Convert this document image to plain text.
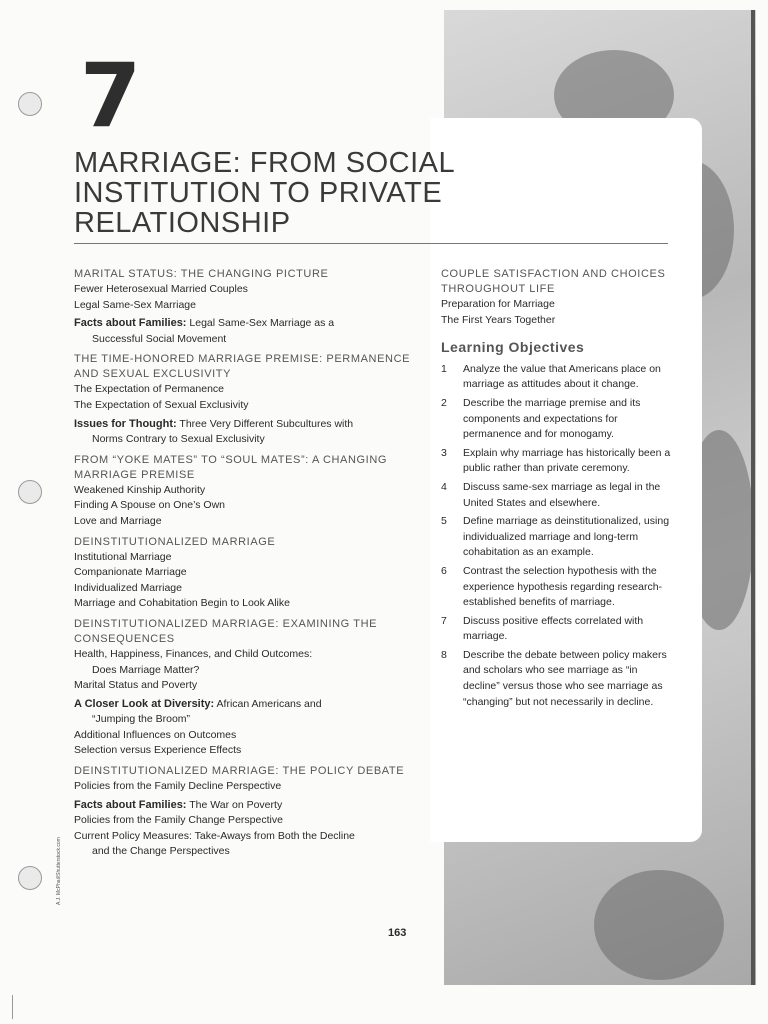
7
MARRIAGE: FROM SOCIAL INSTITUTION TO PRIVATE RELATIONSHIP
MARITAL STATUS: THE CHANGING PICTURE
Fewer Heterosexual Married Couples
Legal Same-Sex Marriage
Facts about Families: Legal Same-Sex Marriage as a
Successful Social Movement
THE TIME-HONORED MARRIAGE PREMISE: PERMANENCE AND SEXUAL EXCLUSIVITY
The Expectation of Permanence
The Expectation of Sexual Exclusivity
Issues for Thought: Three Very Different Subcultures with
Norms Contrary to Sexual Exclusivity
FROM “YOKE MATES” TO “SOUL MATES”: A CHANGING MARRIAGE PREMISE
Weakened Kinship Authority
Finding A Spouse on One’s Own
Love and Marriage
DEINSTITUTIONALIZED MARRIAGE
Institutional Marriage
Companionate Marriage
Individualized Marriage
Marriage and Cohabitation Begin to Look Alike
DEINSTITUTIONALIZED MARRIAGE: EXAMINING THE CONSEQUENCES
Health, Happiness, Finances, and Child Outcomes:
Does Marriage Matter?
Marital Status and Poverty
A Closer Look at Diversity: African Americans and
“Jumping the Broom”
Additional Influences on Outcomes
Selection versus Experience Effects
DEINSTITUTIONALIZED MARRIAGE: THE POLICY DEBATE
Policies from the Family Decline Perspective
Facts about Families: The War on Poverty
Policies from the Family Change Perspective
Current Policy Measures: Take-Aways from Both the Decline
and the Change Perspectives
COUPLE SATISFACTION AND CHOICES THROUGHOUT LIFE
Preparation for Marriage
The First Years Together
Learning Objectives
1	Analyze the value that Americans place on marriage as attitudes about it change.
2	Describe the marriage premise and its components and expectations for permanence and for monogamy.
3	Explain why marriage has historically been a public rather than private ceremony.
4	Discuss same-sex marriage as legal in the United States and elsewhere.
5	Define marriage as deinstitutionalized, using individualized marriage and long-term cohabitation as an example.
6	Contrast the selection hypothesis with the experience hypothesis regarding research-established benefits of marriage.
7	Discuss positive effects correlated with marriage.
8	Describe the debate between policy makers and scholars who see marriage as “in decline” versus those who see marriage as “changing” but not necessarily in decline.
A.J. McPhail/Shutterstock.com
163
